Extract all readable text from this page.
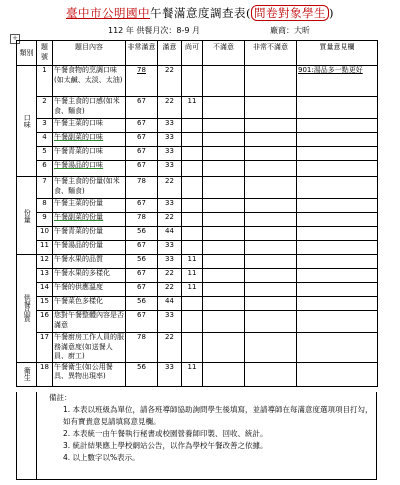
臺中市公明國中午餐滿意度調查表( 問卷對象學生 )
112 年 供餐月次：8-9 月	廠商：大昕
+
類別	題號	題目內容	非常滿意	滿意	尚可	不滿意	非常不滿意	質量意見欄
口味	1	午餐食物的烹調口味(如太鹹、太淡、太油)	78	22				901:湯品多一點更好
	2	午餐主食的口感(如米食、麵食)	67	22	11			
	3	午餐主菜的口味	67	33				
	4	午餐副菜的口味	67	33				
	5	午餐青菜的口味	67	33				
	6	午餐湯品的口味	67	33				
份量	7	午餐主食的份量(如米食、麵食)	78	22				
	8	午餐主菜的份量	67	33				
	9	午餐副菜的份量	78	22				
	10	午餐青菜的份量	56	44				
	11	午餐湯品的份量	67	33				
供餐品質	12	午餐水果的品質	56	33	11			
	13	午餐水果的多樣化	67	22	11			
	14	午餐的供應溫度	67	22	11			
	15	午餐菜色多樣化	56	44				
	16	您對午餐整體內容是否滿意	67	33				
	17	午餐廚房工作人員的服務滿意度(如送餐人員、廚工)	78	22				
衛生	18	午餐衛生(如公用餐具、異物出現率)	56	33	11			
備註：
1. 本表以班級為單位，請各班導師協助詢問學生後填寫，並請導師在每滿意度選項項目打勾，如有寶貴意見請填寫意見欄。
2. 本表統一由午餐執行秘書或校園營養師印製、回收、統計。
3. 統計結果應上學校網站公告，以作為學校午餐改善之依據。
4. 以上數字以%表示。
